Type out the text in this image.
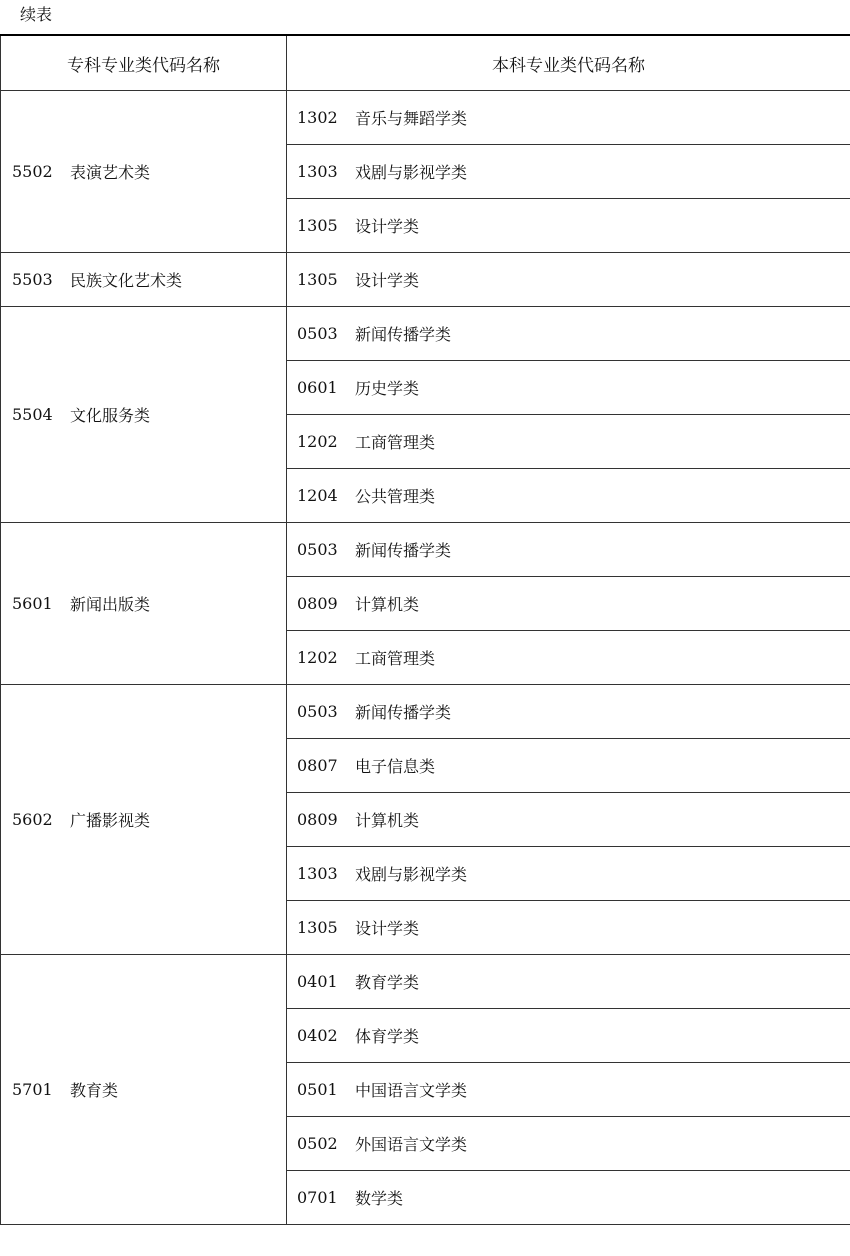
续表
专科专业类代码名称	本科专业类代码名称

5502 表演艺术类	1302 音乐与舞蹈学类

	1303 戏剧与影视学类

	1305 设计学类

5503 民族文化艺术类	1305 设计学类

5504 文化服务类	0503 新闻传播学类

	0601 历史学类

	1202 工商管理类

	1204 公共管理类

5601 新闻出版类	0503 新闻传播学类

	0809 计算机类

	1202 工商管理类

5602 广播影视类	0503 新闻传播学类

	0807 电子信息类

	0809 计算机类

	1303 戏剧与影视学类

	1305 设计学类

5701 教育类	0401 教育学类

	0402 体育学类

	0501 中国语言文学类

	0502 外国语言文学类

	0701 数学类
